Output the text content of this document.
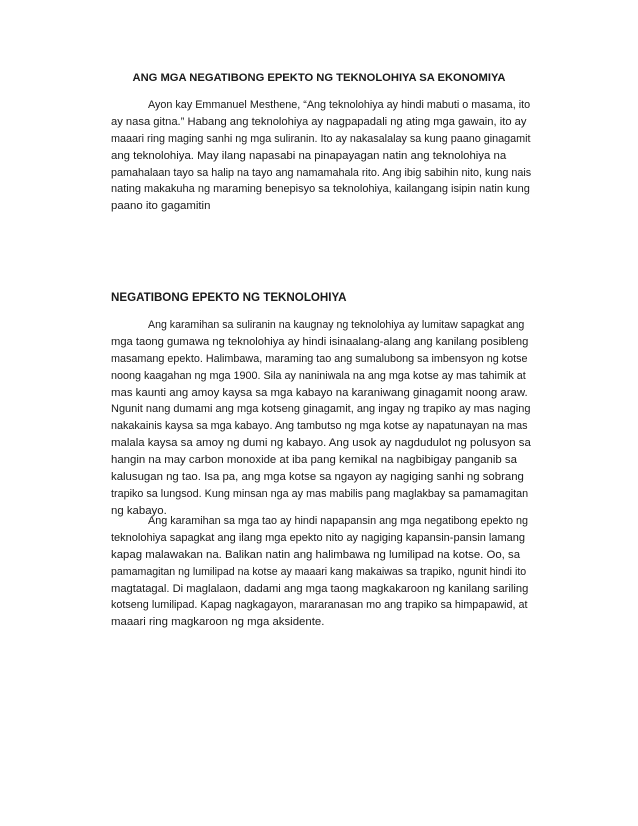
ANG MGA NEGATIBONG EPEKTO NG TEKNOLOHIYA SA EKONOMIYA
Ayon kay Emmanuel Mesthene, “Ang teknolohiya ay hindi mabuti o masama, ito
ay nasa gitna.” Habang ang teknolohiya ay nagpapadali ng ating mga gawain, ito ay
maaari ring maging sanhi ng mga suliranin. Ito ay nakasalalay sa kung paano ginagamit
ang teknolohiya. May ilang napasabi na pinapayagan natin ang teknolohiya na
pamahalaan tayo sa halip na tayo ang namamahala rito. Ang ibig sabihin nito, kung nais
nating makakuha ng maraming benepisyo sa teknolohiya, kailangang isipin natin kung
paano ito gagamitin
NEGATIBONG EPEKTO NG TEKNOLOHIYA
Ang karamihan sa suliranin na kaugnay ng teknolohiya ay lumitaw sapagkat ang
mga taong gumawa ng teknolohiya ay hindi isinaalang-alang ang kanilang posibleng
masamang epekto. Halimbawa, maraming tao ang sumalubong sa imbensyon ng kotse
noong kaagahan ng mga 1900. Sila ay naniniwala na ang mga kotse ay mas tahimik at
mas kaunti ang amoy kaysa sa mga kabayo na karaniwang ginagamit noong araw.
Ngunit nang dumami ang mga kotseng ginagamit, ang ingay ng trapiko ay mas naging
nakakainis kaysa sa mga kabayo. Ang tambutso ng mga kotse ay napatunayan na mas
malala kaysa sa amoy ng dumi ng kabayo. Ang usok ay nagdudulot ng polusyon sa
hangin na may carbon monoxide at iba pang kemikal na nagbibigay panganib sa
kalusugan ng tao. Isa pa, ang mga kotse sa ngayon ay nagiging sanhi ng sobrang
trapiko sa lungsod. Kung minsan nga ay mas mabilis pang maglakbay sa pamamagitan
ng kabayo.
Ang karamihan sa mga tao ay hindi napapansin ang mga negatibong epekto ng
teknolohiya sapagkat ang ilang mga epekto nito ay nagiging kapansin-pansin lamang
kapag malawakan na. Balikan natin ang halimbawa ng lumilipad na kotse. Oo, sa
pamamagitan ng lumilipad na kotse ay maaari kang makaiwas sa trapiko, ngunit hindi ito
magtatagal. Di maglalaon, dadami ang mga taong magkakaroon ng kanilang sariling
kotseng lumilipad. Kapag nagkagayon, mararanasan mo ang trapiko sa himpapawid, at
maaari ring magkaroon ng mga aksidente.
